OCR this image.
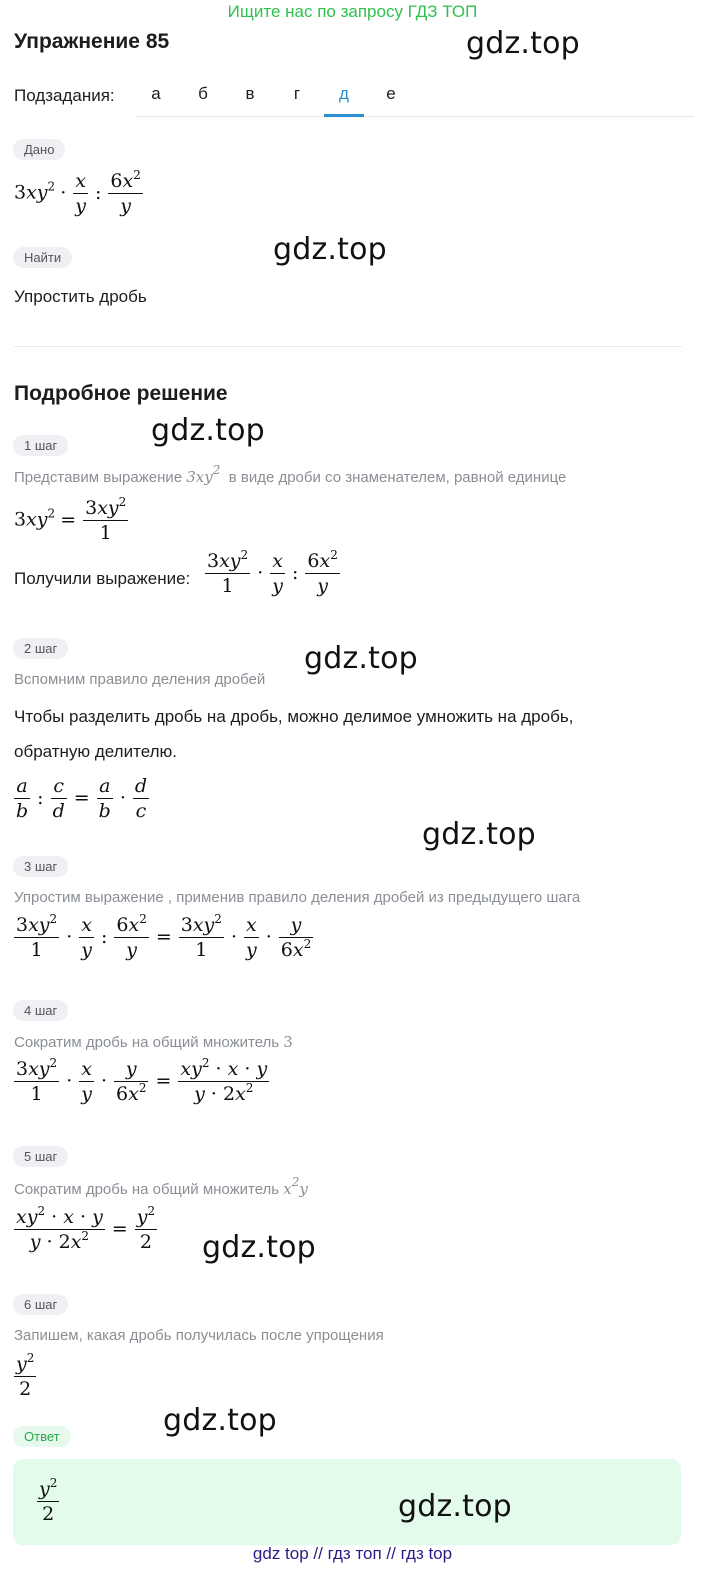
Ищите нас по запросу ГДЗ ТОП
Упражнение 85	gdz.top
Подзадания:	а	б	в	г	д	е
Дано
$3xy^2 \cdot \frac{x}{y}$ : $\frac{6x^2}{y}$
gdz.top
Найти
Упростить дробь
Подробное решение
1 шаг	gdz.top
Представим выражение $3xy^2$ в виде дроби со знаменателем, равной единице
$3xy^2 = \frac{3xy^2}{1}$
Получили выражение: $\frac{3xy^2}{1} \cdot \frac{x}{y}$ : $\frac{6x^2}{y}$
2 шаг	gdz.top
Вспомним правило деления дробей
Чтобы разделить дробь на дробь, можно делимое умножить на дробь,
обратную делителю.
$\frac{a}{b}$ : $\frac{c}{d} = \frac{a}{b} \cdot \frac{d}{c}$
gdz.top
3 шаг
Упростим выражение , применив правило деления дробей из предыдущего шага
$\frac{3xy^2}{1} \cdot \frac{x}{y}$ : $\frac{6x^2}{y} = \frac{3xy^2}{1} \cdot \frac{x}{y} \cdot \frac{y}{6x^2}$
4 шаг
Сократим дробь на общий множитель 3
$\frac{3xy^2}{1} \cdot \frac{x}{y} \cdot \frac{y}{6x^2} = \frac{xy^2 \cdot x \cdot y}{y \cdot 2x^2}$
5 шаг
Сократим дробь на общий множитель $x^2y$
$\frac{xy^2 \cdot x \cdot y}{y \cdot 2x^2} = \frac{y^2}{2} gdz.top$
6 шаг
Запишем, какая дробь получилась после упрощения
$\frac{y^2}{2}$
gdz.top
Ответ
$\frac{y^2}{2}$	gdz.top
gdz top // гдз топ // гдз top
